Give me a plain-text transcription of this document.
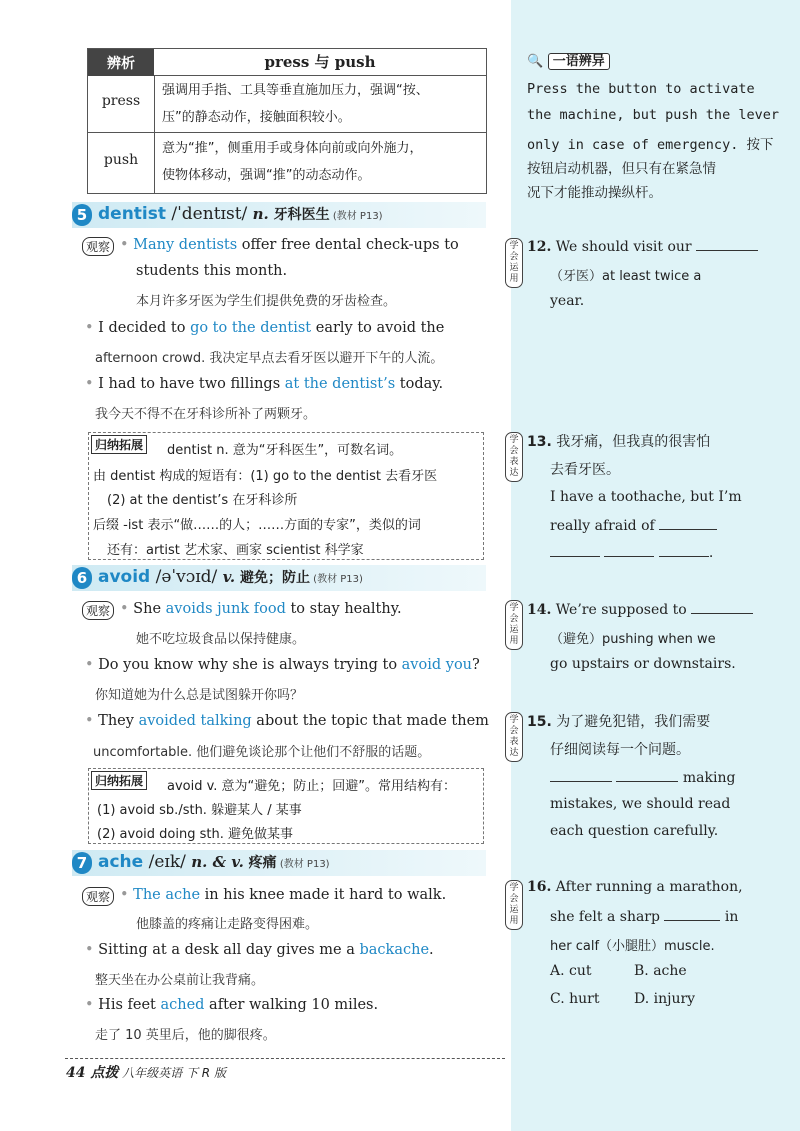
辨析	press 与 push
press
强调用手指、工具等垂直施加压力，强调“按、
压”的静态动作，接触面积较小。
push
意为“推”，侧重用手或身体向前或向外施力，
使物体移动，强调“推”的动态动作。
🔍 一语辨异
Press the button to activate
the machine, but push the lever
only in case of emergency. 按下
按钮启动机器，但只有在紧急情
况下才能推动操纵杆。
5 dentist /ˈdentɪst/ n. 牙科医生 (教材 P13)
观察 • Many dentists offer free dental check-ups to
students this month.
本月许多牙医为学生们提供免费的牙齿检查。
• I decided to go to the dentist early to avoid the
afternoon crowd. 我决定早点去看牙医以避开下午的人流。
• I had to have two fillings at the dentist’s today.
我今天不得不在牙科诊所补了两颗牙。
归纳拓展	dentist n. 意为“牙科医生”，可数名词。
由 dentist 构成的短语有：(1) go to the dentist 去看牙医
(2) at the dentist’s 在牙科诊所
后缀 -ist 表示“做……的人；……方面的专家”，类似的词
还有：artist 艺术家、画家 scientist 科学家
6 avoid /əˈvɔɪd/ v. 避免；防止 (教材 P13)
观察 • She avoids junk food to stay healthy.
她不吃垃圾食品以保持健康。
• Do you know why she is always trying to avoid you?
你知道她为什么总是试图躲开你吗？
• They avoided talking about the topic that made them
uncomfortable. 他们避免谈论那个让他们不舒服的话题。
归纳拓展	avoid v. 意为“避免；防止；回避”。常用结构有：
(1) avoid sb./sth. 躲避某人 / 某事
(2) avoid doing sth. 避免做某事
7 ache /eɪk/ n. & v. 疼痛 (教材 P13)
观察 • The ache in his knee made it hard to walk.
他膝盖的疼痛让走路变得困难。
• Sitting at a desk all day gives me a backache.
整天坐在办公桌前让我背痛。
• His feet ached after walking 10 miles.
走了 10 英里后，他的脚很疼。
学会运用
12. We should visit our
（牙医）at least twice a
year.
学会表达
13. 我牙痛，但我真的很害怕
去看牙医。
I have a toothache, but I’m
really afraid of
.
学会运用
14. We’re supposed to
（避免）pushing when we
go upstairs or downstairs.
学会表达
15. 为了避免犯错，我们需要
仔细阅读每一个问题。
making
mistakes, we should read
each question carefully.
学会运用
16. After running a marathon,
she felt a sharp	in
her calf（小腿肚）muscle.
A. cut	B. ache
C. hurt D. injury
44 点拨 八年级英语 下 R 版
